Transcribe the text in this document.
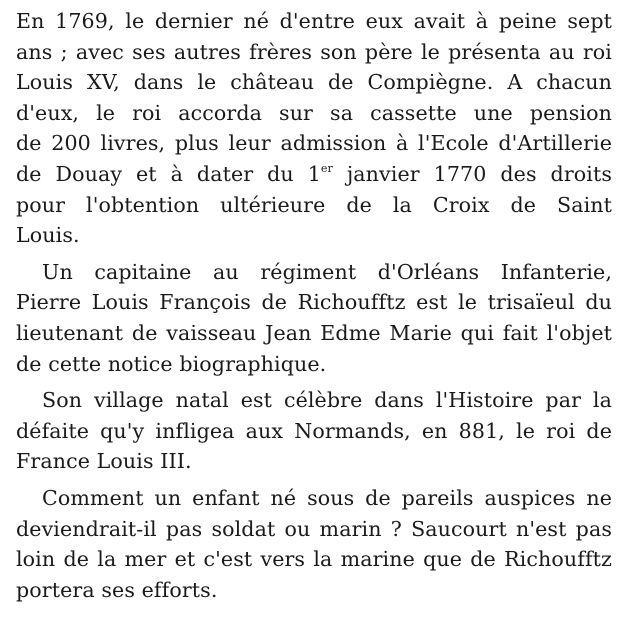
En 1769, le dernier né d'entre eux avait à peine sept
ans ; avec ses autres frères son père le présenta au roi
Louis XV, dans le château de Compiègne. A chacun
d'eux, le roi accorda sur sa cassette une pension
de 200 livres, plus leur admission à l'Ecole d'Artillerie
de Douay et à dater du 1er janvier 1770 des droits
pour l'obtention ultérieure de la Croix de Saint
Louis.
Un capitaine au régiment d'Orléans Infanterie,
Pierre Louis François de Richoufftz est le trisaïeul du
lieutenant de vaisseau Jean Edme Marie qui fait l'objet
de cette notice biographique.
Son village natal est célèbre dans l'Histoire par la
défaite qu'y infligea aux Normands, en 881, le roi de
France Louis III.
Comment un enfant né sous de pareils auspices ne
deviendrait-il pas soldat ou marin ? Saucourt n'est pas
loin de la mer et c'est vers la marine que de Richoufftz
portera ses efforts.
